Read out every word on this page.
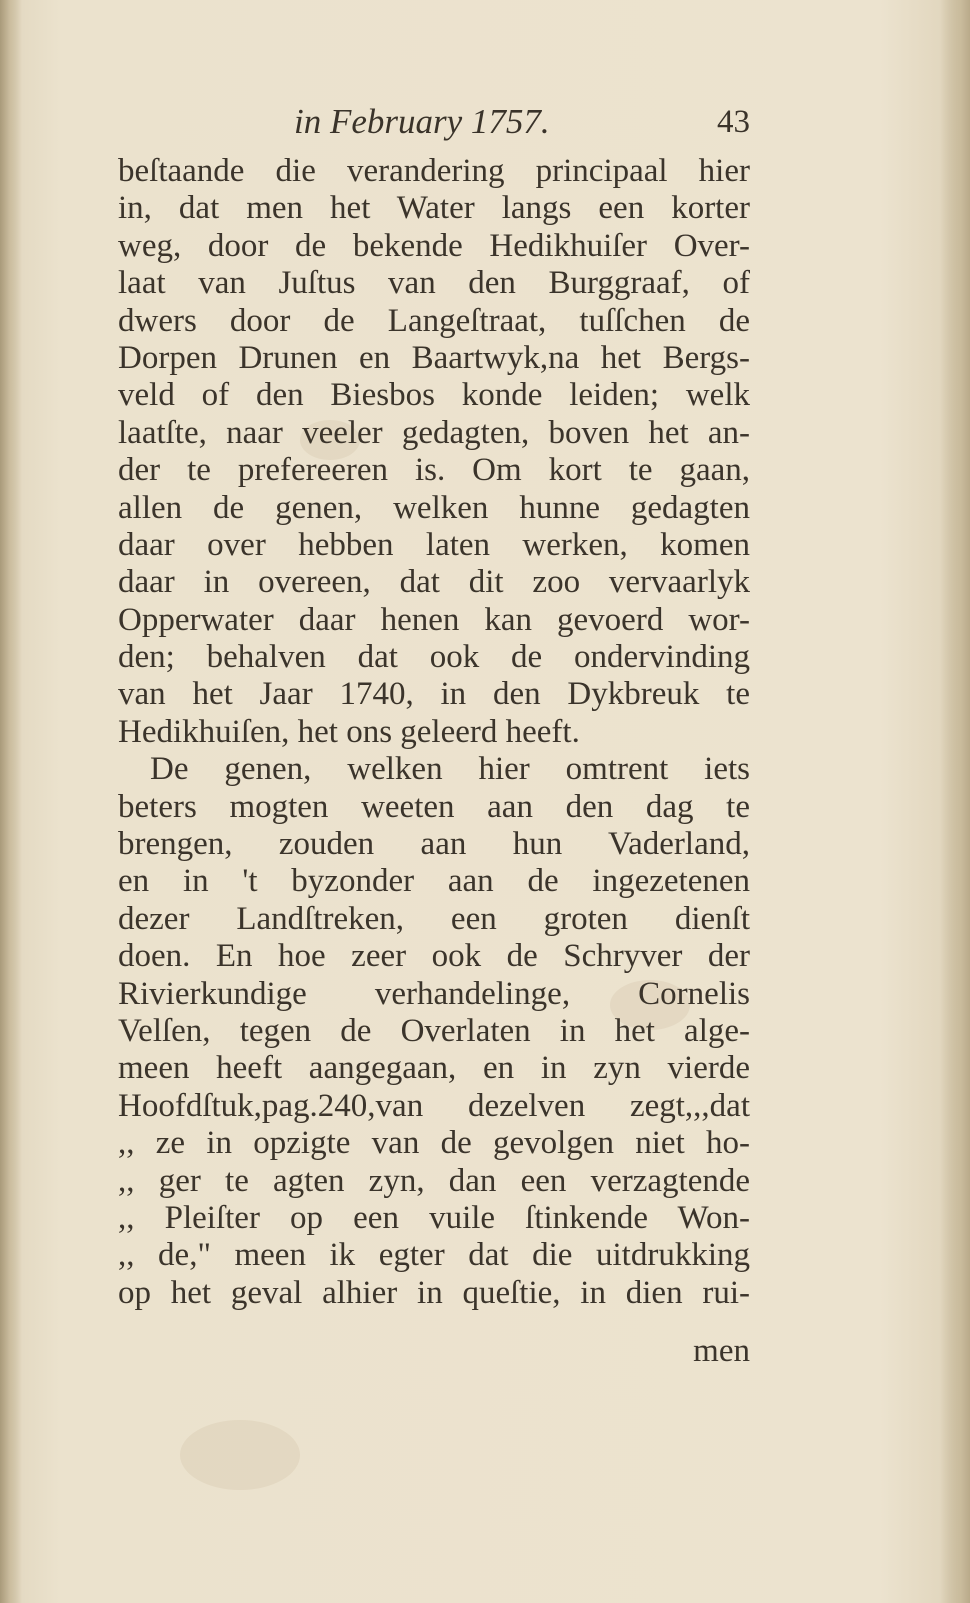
in February 1757.	43
beſtaande die verandering principaal hier
in, dat men het Water langs een korter
weg, door de bekende Hedikhuiſer Over-
laat van Juſtus van den Burggraaf, of
dwers door de Langeſtraat, tuſſchen de
Dorpen Drunen en Baartwyk,na het Bergs-
veld of den Biesbos konde leiden; welk
laatſte, naar veeler gedagten, boven het an-
der te prefereeren is. Om kort te gaan,
allen de genen, welken hunne gedagten
daar over hebben laten werken, komen
daar in overeen, dat dit zoo vervaarlyk
Opperwater daar henen kan gevoerd wor-
den; behalven dat ook de ondervinding
van het Jaar 1740, in den Dykbreuk te
Hedikhuiſen, het ons geleerd heeft.
De genen, welken hier omtrent iets
beters mogten weeten aan den dag te
brengen, zouden aan hun Vaderland,
en in 't byzonder aan de ingezetenen
dezer Landſtreken, een groten dienſt
doen. En hoe zeer ook de Schryver der
Rivierkundige verhandelinge, Cornelis
Velſen, tegen de Overlaten in het alge-
meen heeft aangegaan, en in zyn vierde
Hoofdſtuk,pag.240,van dezelven zegt,,,dat
,, ze in opzigte van de gevolgen niet ho-
,, ger te agten zyn, dan een verzagtende
,, Pleiſter op een vuile ſtinkende Won-
,, de," meen ik egter dat die uitdrukking
op het geval alhier in queſtie, in dien rui-
men
